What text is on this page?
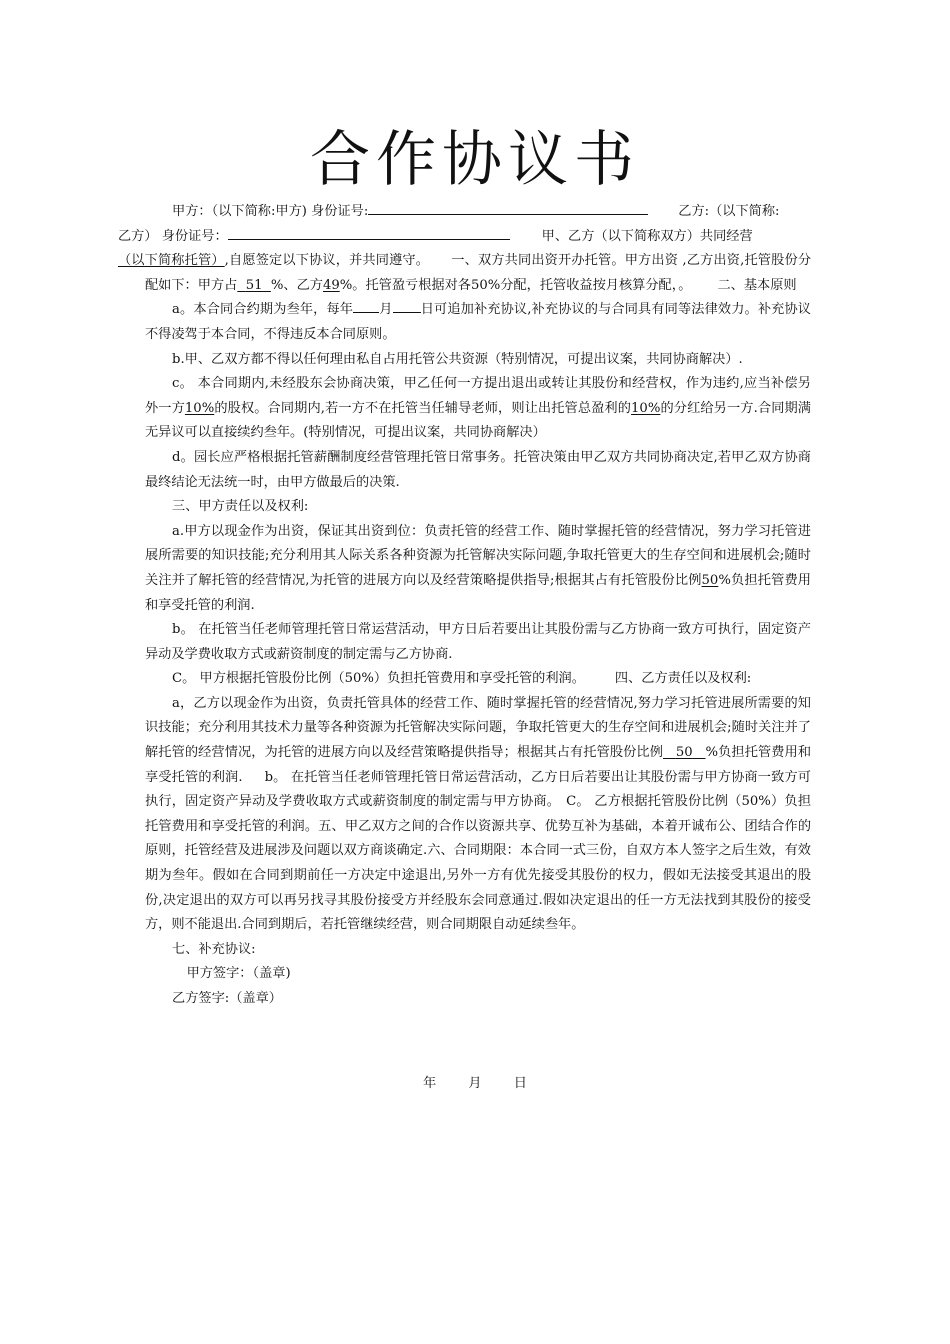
合作协议书

甲方：（以下简称:甲方) 身份证号:	乙方:（以下简称:
乙方） 身份证号：	甲、乙方（以下简称双方）共同经营
（以下简称托管）,自愿签定以下协议，并共同遵守。 一、双方共同出资开办托管。甲方出资 ,乙方出资,托管股份分配如下：甲方占 51 %、乙方49%。托管盈亏根据对各50%分配，托管收益按月核算分配，。 二、基本原则

a。本合同合约期为叁年，每年 月 日可追加补充协议,补充协议的与合同具有同等法律效力。补充协议不得凌驾于本合同，不得违反本合同原则。

b.甲、乙双方都不得以任何理由私自占用托管公共资源（特别情况，可提出议案，共同协商解决）.

c。 本合同期内,未经股东会协商决策，甲乙任何一方提出退出或转让其股份和经营权，作为违约,应当补偿另外一方10%的股权。合同期内,若一方不在托管当任辅导老师，则让出托管总盈利的10%的分红给另一方.合同期满无异议可以直接续约叁年。(特别情况，可提出议案，共同协商解决）

d。园长应严格根据托管薪酬制度经营管理托管日常事务。托管决策由甲乙双方共同协商决定,若甲乙双方协商最终结论无法统一时，由甲方做最后的决策.

三、甲方责任以及权利:

a.甲方以现金作为出资，保证其出资到位：负责托管的经营工作、随时掌握托管的经营情况，努力学习托管进展所需要的知识技能;充分利用其人际关系各种资源为托管解决实际问题,争取托管更大的生存空间和进展机会;随时关注并了解托管的经营情况,为托管的进展方向以及经营策略提供指导;根据其占有托管股份比例50%负担托管费用和享受托管的利润.

b。 在托管当任老师管理托管日常运营活动，甲方日后若要出让其股份需与乙方协商一致方可执行，固定资产异动及学费收取方式或薪资制度的制定需与乙方协商.

C。 甲方根据托管股份比例（50%）负担托管费用和享受托管的利润。 四、乙方责任以及权利:

a，乙方以现金作为出资，负责托管具体的经营工作、随时掌握托管的经营情况,努力学习托管进展所需要的知识技能；充分利用其技术力量等各种资源为托管解决实际问题，争取托管更大的生存空间和进展机会;随时关注并了解托管的经营情况，为托管的进展方向以及经营策略提供指导；根据其占有托管股份比例 50 %负担托管费用和享受托管的利润. b。 在托管当任老师管理托管日常运营活动，乙方日后若要出让其股份需与甲方协商一致方可执行，固定资产异动及学费收取方式或薪资制度的制定需与甲方协商。 C。 乙方根据托管股份比例（50%）负担托管费用和享受托管的利润。五、甲乙双方之间的合作以资源共享、优势互补为基础，本着开诚布公、团结合作的原则，托管经营及进展涉及问题以双方商谈确定.六、合同期限：本合同一式三份，自双方本人签字之后生效，有效期为叁年。假如在合同到期前任一方决定中途退出,另外一方有优先接受其股份的权力，假如无法接受其退出的股份,决定退出的双方可以再另找寻其股份接受方并经股东会同意通过.假如决定退出的任一方无法找到其股份的接受方，则不能退出.合同到期后，若托管继续经营，则合同期限自动延续叁年。

七、补充协议:

甲方签字：（盖章)

乙方签字:（盖章）

年 月 日
